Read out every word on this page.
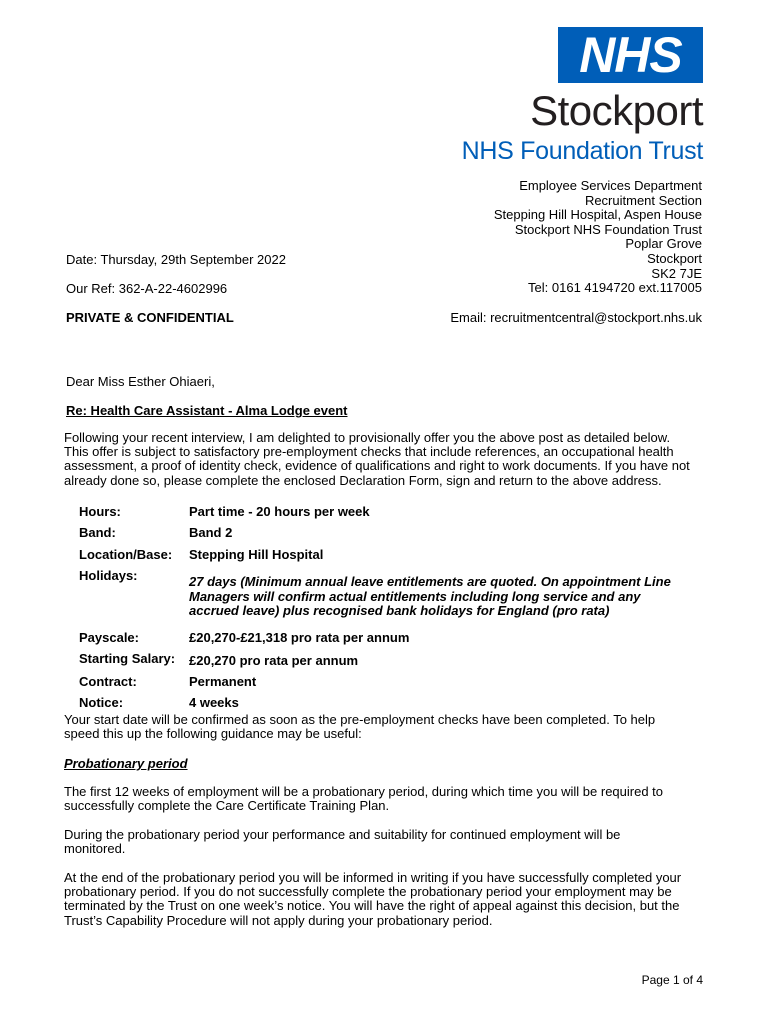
NHS
Stockport
NHS Foundation Trust
Employee Services Department
Recruitment Section
Stepping Hill Hospital, Aspen House
Stockport NHS Foundation Trust
Poplar Grove
Stockport
SK2 7JE
Tel: 0161 4194720 ext.117005
Email: recruitmentcentral@stockport.nhs.uk
Date: Thursday, 29th September 2022
Our Ref: 362-A-22-4602996
PRIVATE & CONFIDENTIAL
Dear Miss Esther Ohiaeri,
Re: Health Care Assistant - Alma Lodge event
Following your recent interview, I am delighted to provisionally offer you the above post as detailed below.
This offer is subject to satisfactory pre-employment checks that include references, an occupational health
assessment, a proof of identity check, evidence of qualifications and right to work documents. If you have not
already done so, please complete the enclosed Declaration Form, sign and return to the above address.
Hours:	Part time - 20 hours per week
Band:	Band 2
Location/Base: Stepping Hill Hospital
Holidays:	27 days (Minimum annual leave entitlements are quoted. On appointment Line
Managers will confirm actual entitlements including long service and any
accrued leave) plus recognised bank holidays for England (pro rata)
Payscale:	£20,270-£21,318 pro rata per annum
Starting Salary: £20,270 pro rata per annum
Contract:	Permanent
Notice:	4 weeks
Your start date will be confirmed as soon as the pre-employment checks have been completed. To help
speed this up the following guidance may be useful:
Probationary period
The first 12 weeks of employment will be a probationary period, during which time you will be required to
successfully complete the Care Certificate Training Plan.
During the probationary period your performance and suitability for continued employment will be
monitored.
At the end of the probationary period you will be informed in writing if you have successfully completed your
probationary period. If you do not successfully complete the probationary period your employment may be
terminated by the Trust on one week’s notice. You will have the right of appeal against this decision, but the
Trust’s Capability Procedure will not apply during your probationary period.
Page 1 of 4
